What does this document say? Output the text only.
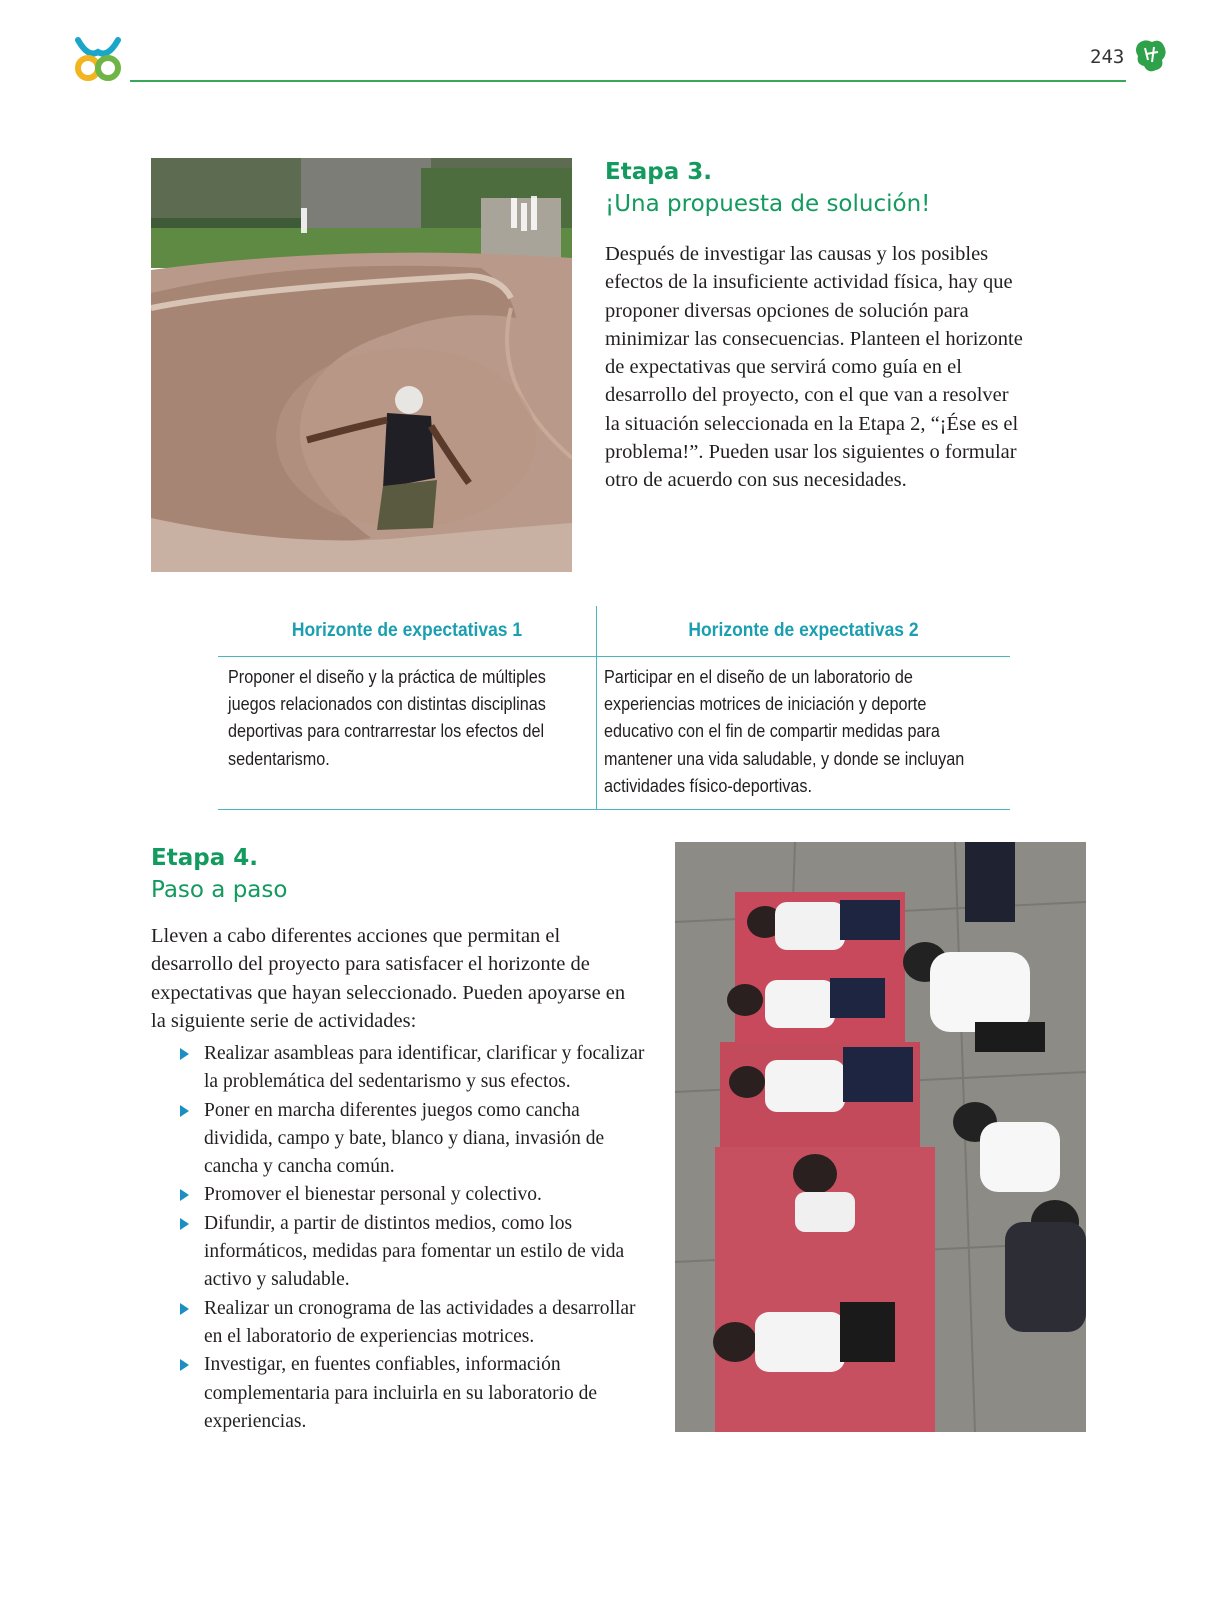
243
Etapa 3.
¡Una propuesta de solución!

Después de investigar las causas y los posibles efectos de la insuficiente actividad física, hay que proponer diversas opciones de solución para minimizar las consecuencias. Planteen el horizonte de expectativas que servirá como guía en el desarrollo del proyecto, con el que van a resolver la situación seleccionada en la Etapa 2, “¡Ése es el problema!”. Pueden usar los siguientes o formular otro de acuerdo con sus necesidades.

Horizonte de expectativas 1	Horizonte de expectativas 2

Proponer el diseño y la práctica de múltiples juegos relacionados con distintas disciplinas deportivas para contrarrestar los efectos del sedentarismo.

Participar en el diseño de un laboratorio de experiencias motrices de iniciación y deporte educativo con el fin de compartir medidas para mantener una vida saludable, y donde se incluyan actividades físico-deportivas.

Etapa 4.
Paso a paso

Lleven a cabo diferentes acciones que permitan el desarrollo del proyecto para satisfacer el horizonte de expectativas que hayan seleccionado. Pueden apoyarse en la siguiente serie de actividades:

Realizar asambleas para identificar, clarificar y focalizar la problemática del sedentarismo y sus efectos.
Poner en marcha diferentes juegos como cancha dividida, campo y bate, blanco y diana, invasión de cancha y cancha común.
Promover el bienestar personal y colectivo.
Difundir, a partir de distintos medios, como los informáticos, medidas para fomentar un estilo de vida activo y saludable.
Realizar un cronograma de las actividades a desarrollar en el laboratorio de experiencias motrices.
Investigar, en fuentes confiables, información complementaria para incluirla en su laboratorio de experiencias.
